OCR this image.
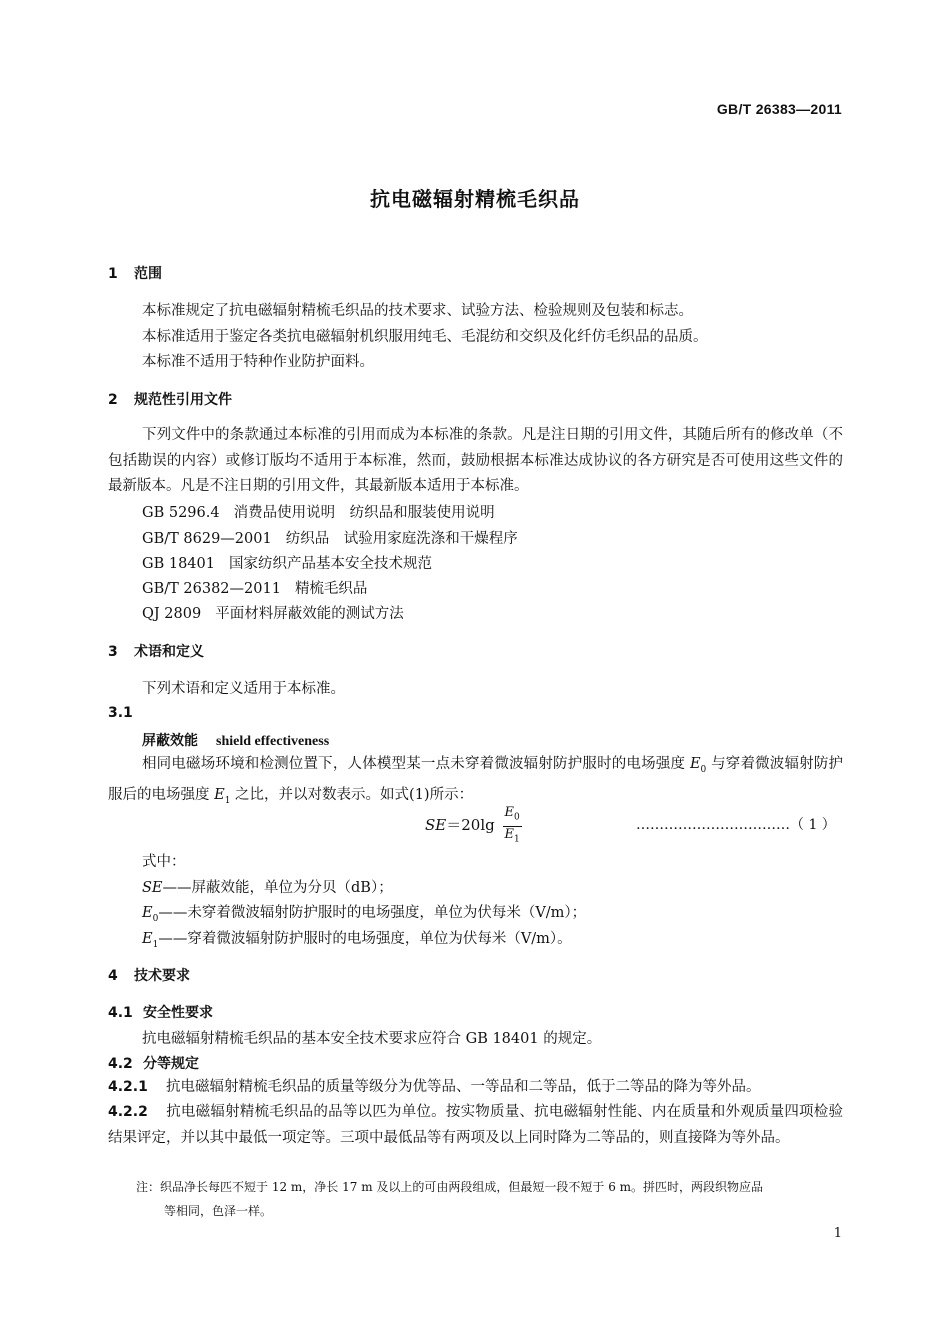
GB/T 26383—2011
抗电磁辐射精梳毛织品
1 范围
本标准规定了抗电磁辐射精梳毛织品的技术要求、试验方法、检验规则及包装和标志。
本标准适用于鉴定各类抗电磁辐射机织服用纯毛、毛混纺和交织及化纤仿毛织品的品质。
本标准不适用于特种作业防护面料。
2 规范性引用文件
下列文件中的条款通过本标准的引用而成为本标准的条款。凡是注日期的引用文件，其随后所有的修改单（不包括勘误的内容）或修订版均不适用于本标准，然而，鼓励根据本标准达成协议的各方研究是否可使用这些文件的最新版本。凡是不注日期的引用文件，其最新版本适用于本标准。
GB 5296.4 消费品使用说明　纺织品和服装使用说明
GB/T 8629—2001 纺织品　试验用家庭洗涤和干燥程序
GB 18401 国家纺织产品基本安全技术规范
GB/T 26382—2011 精梳毛织品
QJ 2809 平面材料屏蔽效能的测试方法
3 术语和定义
下列术语和定义适用于本标准。
3.1
屏蔽效能 shield effectiveness
相同电磁场环境和检测位置下，人体模型某一点未穿着微波辐射防护服时的电场强度 $E_0$ 与穿着微波辐射防护服后的电场强度 $E_1$ 之比，并以对数表示。如式(1)所示：
$SE=20\lg \frac{E_0}{E_1}$	……………………………（ 1 ）
式中：
SE——屏蔽效能，单位为分贝（dB）；
$E_0——$未穿着微波辐射防护服时的电场强度，单位为伏每米（V/m）；
$E_1——$穿着微波辐射防护服时的电场强度，单位为伏每米（V/m）。
4 技术要求
4.1 安全性要求
抗电磁辐射精梳毛织品的基本安全技术要求应符合 GB 18401 的规定。
4.2 分等规定
4.2.1 抗电磁辐射精梳毛织品的质量等级分为优等品、一等品和二等品，低于二等品的降为等外品。
4.2.2 抗电磁辐射精梳毛织品的品等以匹为单位。按实物质量、抗电磁辐射性能、内在质量和外观质量四项检验结果评定，并以其中最低一项定等。三项中最低品等有两项及以上同时降为二等品的，则直接降为等外品。
注：织品净长每匹不短于 12 m，净长 17 m 及以上的可由两段组成，但最短一段不短于 6 m。拼匹时，两段织物应品
等相同，色泽一样。
1
